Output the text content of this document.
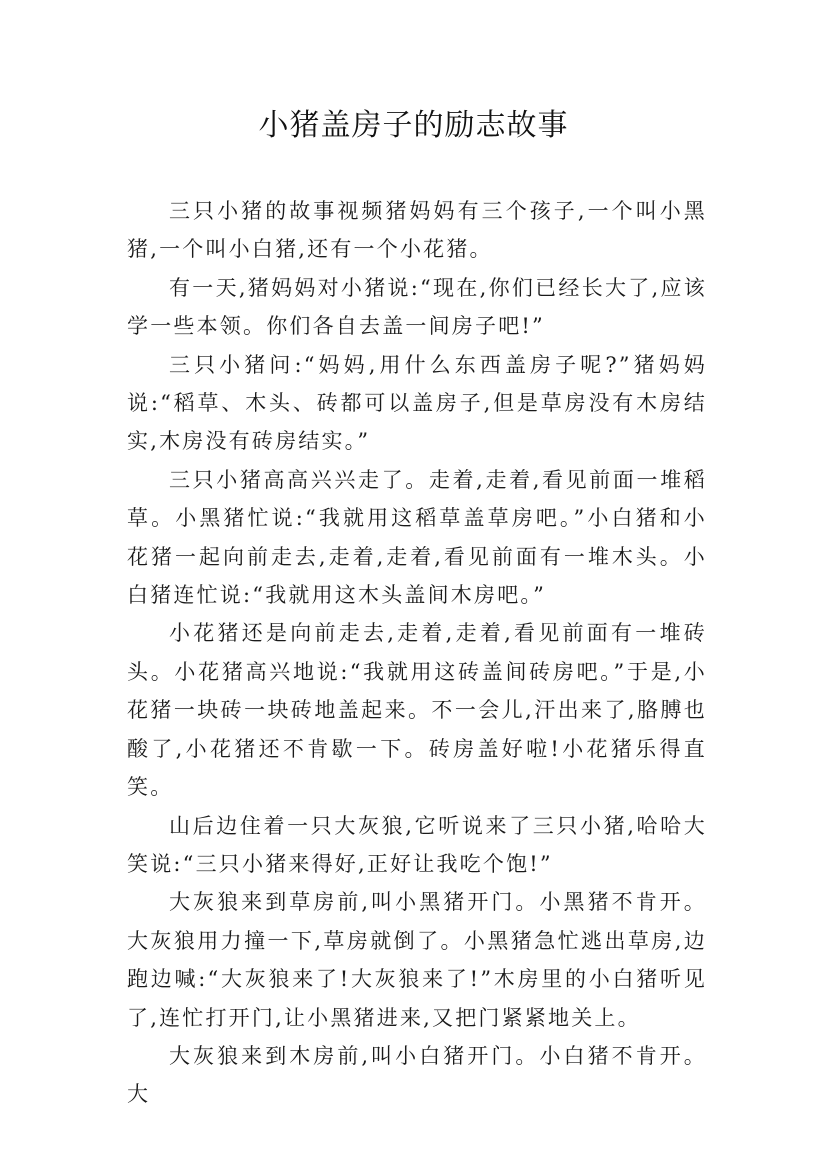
小猪盖房子的励志故事

三只小猪的故事视频猪妈妈有三个孩子,一个叫小黑猪,一个叫小白猪,还有一个小花猪。

有一天,猪妈妈对小猪说:“现在,你们已经长大了,应该学一些本领。你们各自去盖一间房子吧!”

三只小猪问:“妈妈,用什么东西盖房子呢?”猪妈妈说:“稻草、木头、砖都可以盖房子,但是草房没有木房结实,木房没有砖房结实。”

三只小猪高高兴兴走了。走着,走着,看见前面一堆稻草。小黑猪忙说:“我就用这稻草盖草房吧。”小白猪和小花猪一起向前走去,走着,走着,看见前面有一堆木头。小白猪连忙说:“我就用这木头盖间木房吧。”

小花猪还是向前走去,走着,走着,看见前面有一堆砖头。小花猪高兴地说:“我就用这砖盖间砖房吧。”于是,小花猪一块砖一块砖地盖起来。不一会儿,汗出来了,胳膊也酸了,小花猪还不肯歇一下。砖房盖好啦!小花猪乐得直笑。

山后边住着一只大灰狼,它听说来了三只小猪,哈哈大笑说:“三只小猪来得好,正好让我吃个饱!”

大灰狼来到草房前,叫小黑猪开门。小黑猪不肯开。大灰狼用力撞一下,草房就倒了。小黑猪急忙逃出草房,边跑边喊:“大灰狼来了!大灰狼来了!”木房里的小白猪听见了,连忙打开门,让小黑猪进来,又把门紧紧地关上。

大灰狼来到木房前,叫小白猪开门。小白猪不肯开。大
